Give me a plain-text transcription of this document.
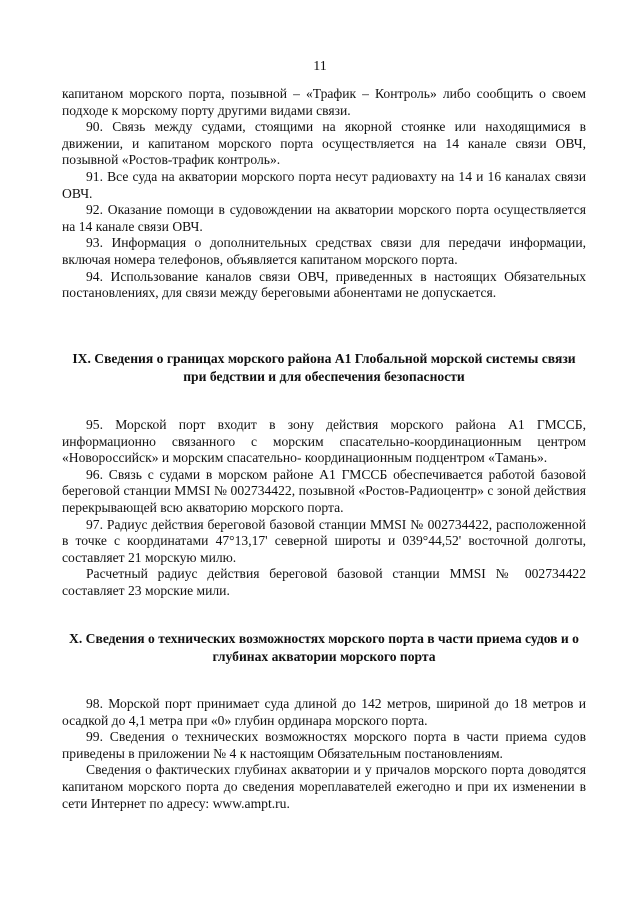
11

капитаном морского порта, позывной – «Трафик – Контроль» либо сообщить о своем подходе к морскому порту другими видами связи.

90. Связь между судами, стоящими на якорной стоянке или находящимися в движении, и капитаном морского порта осуществляется на 14 канале связи ОВЧ, позывной «Ростов-трафик контроль».

91. Все суда на акватории морского порта несут радиовахту на 14 и 16 каналах связи ОВЧ.

92. Оказание помощи в судовождении на акватории морского порта осуществляется на 14 канале связи ОВЧ.

93. Информация о дополнительных средствах связи для передачи информации, включая номера телефонов, объявляется капитаном морского порта.

94. Использование каналов связи ОВЧ, приведенных в настоящих Обязательных постановлениях, для связи между береговыми абонентами не допускается.

IX. Сведения о границах морского района А1 Глобальной морской системы связи при бедствии и для обеспечения безопасности

95. Морской порт входит в зону действия морского района А1 ГМССБ, информационно связанного с морским спасательно-координационным центром «Новороссийск» и морским спасательно- координационным подцентром «Тамань».

96. Связь с судами в морском районе А1 ГМССБ обеспечивается работой базовой береговой станции MMSI № 002734422, позывной «Ростов-Радиоцентр» с зоной действия перекрывающей всю акваторию морского порта.

97. Радиус действия береговой базовой станции MMSI № 002734422, расположенной в точке с координатами 47°13,17' северной широты и 039°44,52' восточной долготы, составляет 21 морскую милю.

Расчетный радиус действия береговой базовой станции MMSI № 002734422 составляет 23 морские мили.

X. Сведения о технических возможностях морского порта в части приема судов и о глубинах акватории морского порта

98. Морской порт принимает суда длиной до 142 метров, шириной до 18 метров и осадкой до 4,1 метра при «0» глубин ординара морского порта.

99. Сведения о технических возможностях морского порта в части приема судов приведены в приложении № 4 к настоящим Обязательным постановлениям.

Сведения о фактических глубинах акватории и у причалов морского порта доводятся капитаном морского порта до сведения мореплавателей ежегодно и при их изменении в сети Интернет по адресу: www.ampt.ru.
